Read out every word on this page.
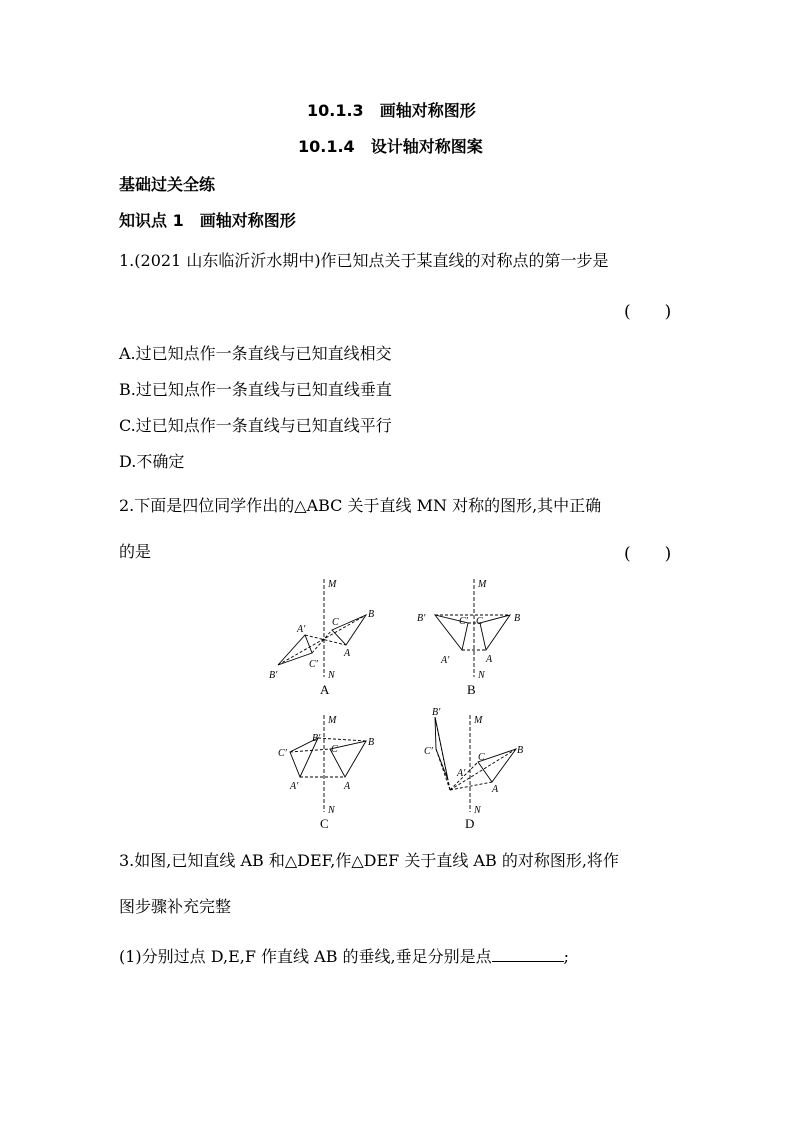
10.1.3　画轴对称图形
10.1.4　设计轴对称图案
基础过关全练
知识点 1　画轴对称图形
1.(2021 山东临沂沂水期中)作已知点关于某直线的对称点的第一步是
(　　)
A.过已知点作一条直线与已知直线相交
B.过已知点作一条直线与已知直线垂直
C.过已知点作一条直线与已知直线平行
D.不确定
2.下面是四位同学作出的△ABC 关于直线 MN 对称的图形,其中正确
的是	(　　)
M
N
B
C
A
A′
C′
B′
A
M
N
B
C
A
B′	C′
A′
B
M
N
B
C
A
B′
C′
A′
C
M
N
B
C
A
B′
C′
A′
D
3.如图,已知直线 AB 和△DEF,作△DEF 关于直线 AB 的对称图形,将作
图步骤补充完整
(1)分别过点 D,E,F 作直线 AB 的垂线,垂足分别是点	;
